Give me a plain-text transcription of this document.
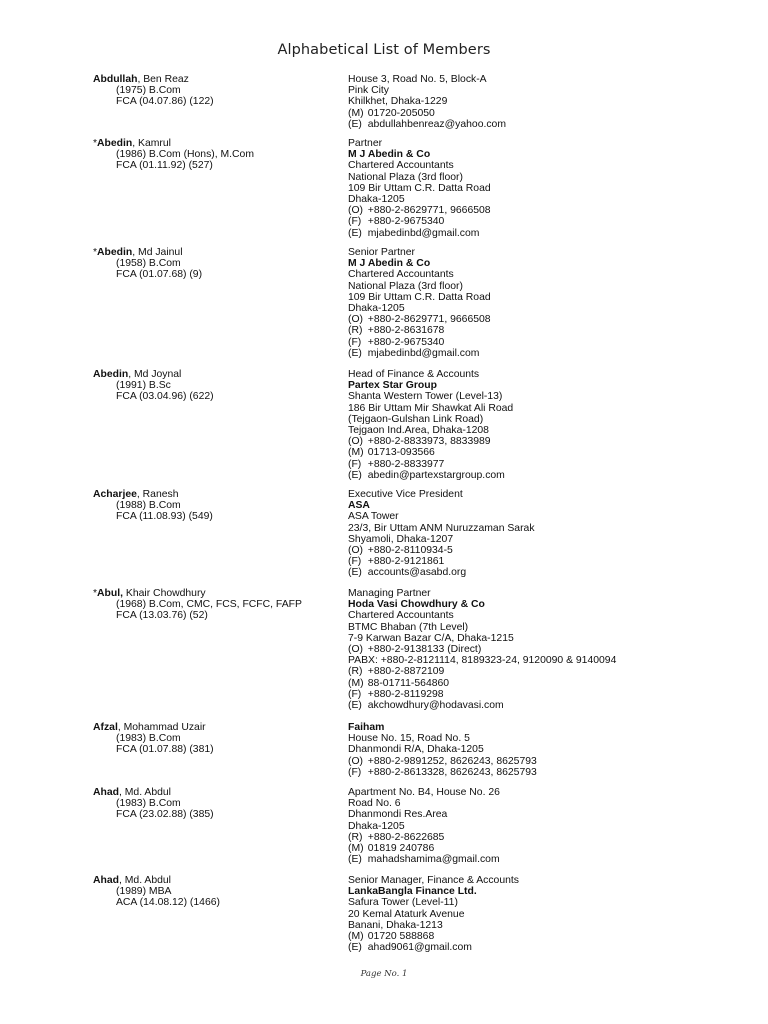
Alphabetical List of Members
Abdullah, Ben Reaz
(1975) B.Com
FCA (04.07.86) (122)
House 3, Road No. 5, Block-A
Pink City
Khilkhet, Dhaka-1229
(M) 01720-205050
(E) abdullahbenreaz@yahoo.com
*Abedin, Kamrul
(1986) B.Com (Hons), M.Com
FCA (01.11.92) (527)
Partner
M J Abedin & Co
Chartered Accountants
National Plaza (3rd floor)
109 Bir Uttam C.R. Datta Road
Dhaka-1205
(O) +880-2-8629771, 9666508
(F) +880-2-9675340
(E) mjabedinbd@gmail.com
*Abedin, Md Jainul
(1958) B.Com
FCA (01.07.68) (9)
Senior Partner
M J Abedin & Co
Chartered Accountants
National Plaza (3rd floor)
109 Bir Uttam C.R. Datta Road
Dhaka-1205
(O) +880-2-8629771, 9666508
(R) +880-2-8631678
(F) +880-2-9675340
(E) mjabedinbd@gmail.com
Abedin, Md Joynal
(1991) B.Sc
FCA (03.04.96) (622)
Head of Finance & Accounts
Partex Star Group
Shanta Western Tower (Level-13)
186 Bir Uttam Mir Shawkat Ali Road
(Tejgaon-Gulshan Link Road)
Tejgaon Ind.Area, Dhaka-1208
(O) +880-2-8833973, 8833989
(M) 01713-093566
(F) +880-2-8833977
(E) abedin@partexstargroup.com
Acharjee, Ranesh
(1988) B.Com
FCA (11.08.93) (549)
Executive Vice President
ASA
ASA Tower
23/3, Bir Uttam ANM Nuruzzaman Sarak
Shyamoli, Dhaka-1207
(O) +880-2-8110934-5
(F) +880-2-9121861
(E) accounts@asabd.org
*Abul, Khair Chowdhury
(1968) B.Com, CMC, FCS, FCFC, FAFP
FCA (13.03.76) (52)
Managing Partner
Hoda Vasi Chowdhury & Co
Chartered Accountants
BTMC Bhaban (7th Level)
7-9 Karwan Bazar C/A, Dhaka-1215
(O) +880-2-9138133 (Direct)
PABX: +880-2-8121114, 8189323-24, 9120090 & 9140094
(R) +880-2-8872109
(M) 88-01711-564860
(F) +880-2-8119298
(E) akchowdhury@hodavasi.com
Afzal, Mohammad Uzair
(1983) B.Com
FCA (01.07.88) (381)
Faiham
House No. 15, Road No. 5
Dhanmondi R/A, Dhaka-1205
(O) +880-2-9891252, 8626243, 8625793
(F) +880-2-8613328, 8626243, 8625793
Ahad, Md. Abdul
(1983) B.Com
FCA (23.02.88) (385)
Apartment No. B4, House No. 26
Road No. 6
Dhanmondi Res.Area
Dhaka-1205
(R) +880-2-8622685
(M) 01819 240786
(E) mahadshamima@gmail.com
Ahad, Md. Abdul
(1989) MBA
ACA (14.08.12) (1466)
Senior Manager, Finance & Accounts
LankaBangla Finance Ltd.
Safura Tower (Level-11)
20 Kemal Ataturk Avenue
Banani, Dhaka-1213
(M) 01720 588868
(E) ahad9061@gmail.com
Page No. 1
